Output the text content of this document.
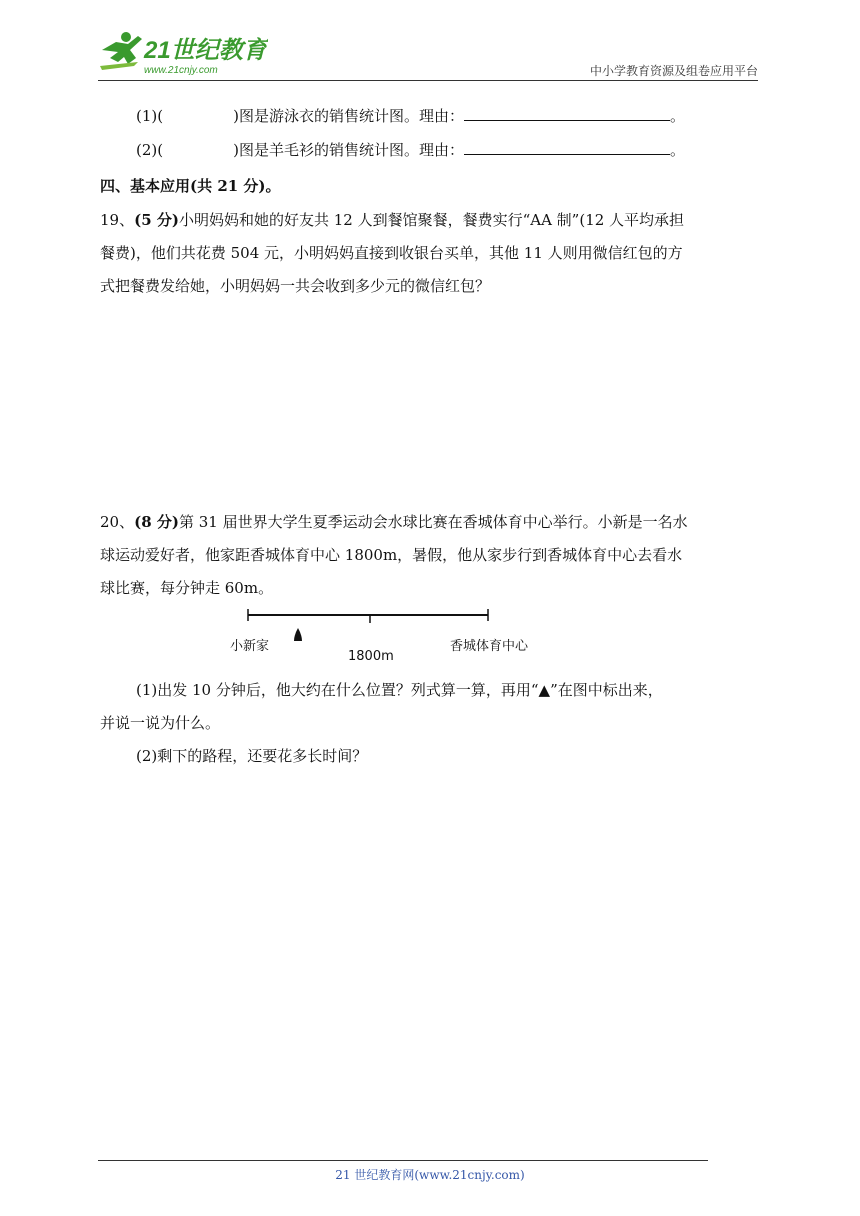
21世纪教育
www.21cnjy.com	中小学教育资源及组卷应用平台
(1)(	)图是游泳衣的销售统计图。理由：	。
(2)(	)图是羊毛衫的销售统计图。理由：	。
四、基本应用(共 21 分)。
19、(5 分)小明妈妈和她的好友共 12 人到餐馆聚餐，餐费实行“AA 制”(12 人平均承担
餐费)，他们共花费 504 元，小明妈妈直接到收银台买单，其他 11 人则用微信红包的方
式把餐费发给她，小明妈妈一共会收到多少元的微信红包？
20、(8 分)第 31 届世界大学生夏季运动会水球比赛在香城体育中心举行。小新是一名水
球运动爱好者，他家距香城体育中心 1800m，暑假，他从家步行到香城体育中心去看水
球比赛，每分钟走 60m。
小新家
1800m
香城体育中心
(1)出发 10 分钟后，他大约在什么位置？列式算一算，再用“▲”在图中标出来，
并说一说为什么。
(2)剩下的路程，还要花多长时间？
21 世纪教育网(www.21cnjy.com)
